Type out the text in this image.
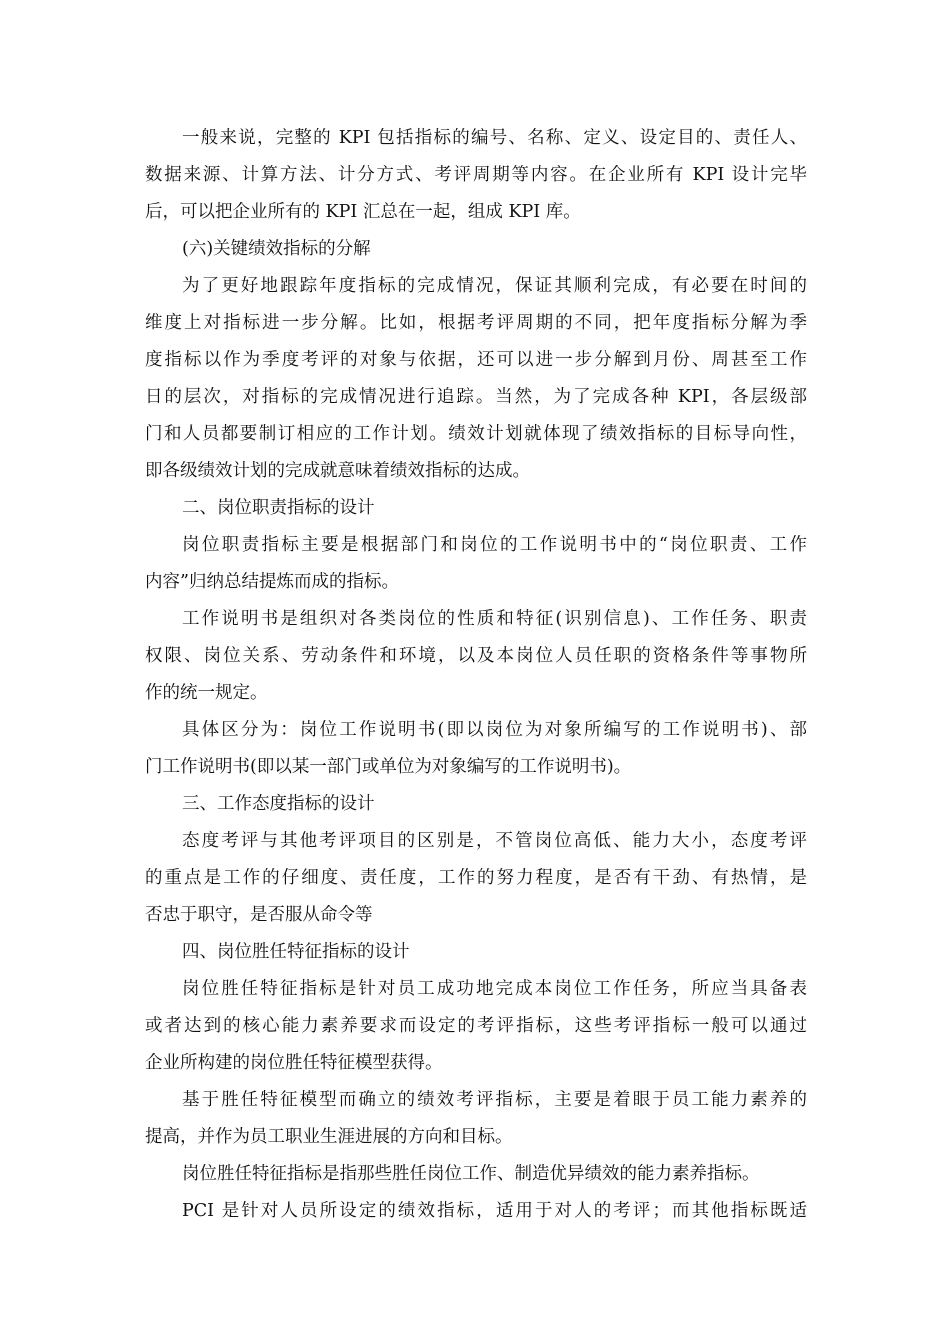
一般来说，完整的 KPI 包括指标的编号、名称、定义、设定目的、责任人、
数据来源、计算方法、计分方式、考评周期等内容。在企业所有 KPI 设计完毕
后，可以把企业所有的 KPI 汇总在一起，组成 KPI 库。
(六)关键绩效指标的分解
为了更好地跟踪年度指标的完成情况，保证其顺利完成，有必要在时间的
维度上对指标进一步分解。比如，根据考评周期的不同，把年度指标分解为季
度指标以作为季度考评的对象与依据，还可以进一步分解到月份、周甚至工作
日的层次，对指标的完成情况进行追踪。当然，为了完成各种 KPI，各层级部
门和人员都要制订相应的工作计划。绩效计划就体现了绩效指标的目标导向性，
即各级绩效计划的完成就意味着绩效指标的达成。
二、岗位职责指标的设计
岗位职责指标主要是根据部门和岗位的工作说明书中的“岗位职责、工作
内容”归纳总结提炼而成的指标。
工作说明书是组织对各类岗位的性质和特征(识别信息)、工作任务、职责
权限、岗位关系、劳动条件和环境，以及本岗位人员任职的资格条件等事物所
作的统一规定。
具体区分为：岗位工作说明书(即以岗位为对象所编写的工作说明书)、部
门工作说明书(即以某一部门或单位为对象编写的工作说明书)。
三、工作态度指标的设计
态度考评与其他考评项目的区别是，不管岗位高低、能力大小，态度考评
的重点是工作的仔细度、责任度，工作的努力程度，是否有干劲、有热情，是
否忠于职守，是否服从命令等
四、岗位胜任特征指标的设计
岗位胜任特征指标是针对员工成功地完成本岗位工作任务，所应当具备表
或者达到的核心能力素养要求而设定的考评指标，这些考评指标一般可以通过
企业所构建的岗位胜任特征模型获得。
基于胜任特征模型而确立的绩效考评指标，主要是着眼于员工能力素养的
提高，并作为员工职业生涯进展的方向和目标。
岗位胜任特征指标是指那些胜任岗位工作、制造优异绩效的能力素养指标。
PCI 是针对人员所设定的绩效指标，适用于对人的考评；而其他指标既适
